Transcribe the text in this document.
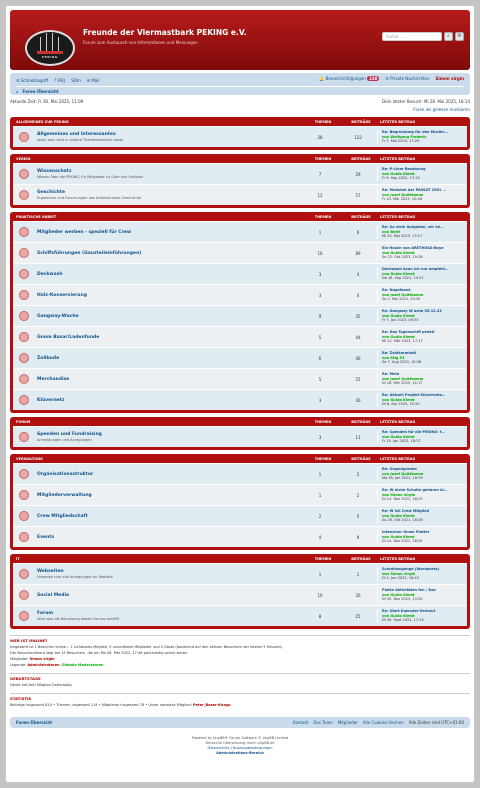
PEKING
Freunde der Viermastbark PEKING e.V.
Forum zum Austausch von Informationen und Meinungen
Suche…	⌕	⚙
☰ Schnellzugriff ? FAQ SDm ✉ Mail	🔔 Benachrichtigungen 238	✉ Private Nachrichten Simon virgin
⌂ Foren-Übersicht
Aktuelle Zeit: Fr 30. Mai 2025, 11:09	Dein letzter Besuch: Mi 28. Mai 2025, 18:14
Foren als gelesen markieren
ALLGEMEINES ZUR PEKING	THEMEN	BEITRÄGE	LETZTER BEITRAG
Allgemeines und Interessantes
Alles, was nicht in andere Themenbereiche passt
28	122
Re: Begründung für den Musikv…
von Wolfgang Frederic
Fr 7. Mai 2025, 17:29
VEREIN	THEMEN	BEITRÄGE	LETZTER BEITRAG
Wissenschatz
Wissen über die PEKING, für Mitglieder zu Gute und Seriöses
7	29
Re: P-Liner Besatzung
von Guido Kiemt
Fr 9. Sep 2022, 17:15
Geschichte
Ergebnisse und Forschungen das Arbeitskreises Geschichte
12	57
Re: Maßstab der PASSAT 1981 …
von Josef Quittkamm
Fr 10. Mär 2023, 10:48
PRAKTISCHE ARBEIT	THEMEN	BEITRÄGE	LETZTER BEITRAG
Mitglieder werben - speziell für Crew	1	6
Re: So viele Aufgaben, wir kö…
von Berit
Mi 20. Mai 2023, 13:17
Schiffsführungen (Gauzteileinführungen)	16	89
Ein Hauch von ARETHUSA-Boyz
von Guido Kiemt
So 22. Okt 2023, 19:28
Deckwash	3	4
Deckwash kann ich nur empfehl…
von Guido Kiemt
Do 16. Sep 2021, 14:31
Holz-Konservierung	3	4
Re: Nagelbank
von Josef Quittkamm
So 2. Mai 2021, 10:30
Gangway-Wache	9	35
Re: Gangway W ache 05.12.22
von Guido Kiemt
Fr 7. Jan 2023, 09:33
Gnom Basar/Ladenfunde	5	44
Re: Das Tugenschiff peekt!
von Guido Kiemt
Mi 12. Mär 2023, 17:17
Zollbude	6	46
Re: Zahlkarmänti
von Stig 53
Sa 7. Aug 2023, 15:08
Merchandise	5	25
Re: Mein
von Josef Quittkamm
Di 18. Mär 2025, 14:17
Klüvernetz	3	30
Re: Aktuell Projekt Klüvernetz…
von Guido Kiemt
Di 8. Apr 2025, 15:50
FORUM	THEMEN	BEITRÄGE	LETZTER BEITRAG
Spenden und Fundraising
Anmeldungen und Anregungen
3	11
Re: Spenden für die PEKING: f…
von Guido Kiemt
Fr 14. Jan 2023, 18:37
VERWALTUNG	THEMEN	BEITRÄGE	LETZTER BEITRAG
Organisationsstruktur	1	2
Re: Organigramm
von Josef Quittkamm
Mo 28. Jan 2021, 16:39
Mitgliederverwaltung	1	2
Re: W eiche Schulte gehören ki…
von Simon virgin
Di 14. Dez 2021, 18:23
Crew Mitgliedschaft	2	5
Re: W ich Crew Mitglied
von Guido Kiemt
So 26. Okt 2021, 18:28
Events	4	9
Intensiver Gnom Platter
von Guido Kiemt
Di 14. Dez 2021, 18:30
IT	THEMEN	BEITRÄGE	LETZTER BEITRAG
Webseiten
Hinweise zum alle Anregungen zur Website
1	1
Schreibzugänge (Wordpress)
von Simon virgin
Di 1. Jan 2022, 16:43
Social Media	10	26
Platte Aktivitäten fen / Das
von Guido Kiemt
Di 30. Dez 2023, 14:30
Forum
Alles was die Benutzung dieses Forums betrifft
8	25
Re: Start Kalender-Verkauf
von Guido Kiemt
Di 30. Sept 2022, 17:15
WER IST ONLINE?

Insgesamt ist 1 Besucher online :: 1 sichtbares Mitglied, 0 unsichtbare Mitglieder und 0 Gäste (basierend auf den aktiven Besuchern der letzten 5 Minuten)

Der Besucherrekord liegt bei 15 Besuchern, die am Mo 28. Mär 2022, 17:46 gleichzeitig online waren.

Mitglieder: Simon virgin

Legende: Administratoren, Globale Moderatoren

GEBURTSTAGE

Heute hat kein Mitglied Geburtstag

STATISTIK

Beiträge insgesamt 814 • Themen insgesamt 114 • Mitglieder insgesamt 78 • Unser neuestes Mitglied: Peter_Baser-Knapp

Foren-Übersicht	Kontakt Das Team Mitglieder Alle Cookies löschen Alle Zeiten sind UTC+01:00
Powered by phpBB® Forum Software © phpBB Limited
Deutsche Übersetzung durch phpBB.de
Datenschutz | Nutzungsbedingungen
Administrations-Bereich
